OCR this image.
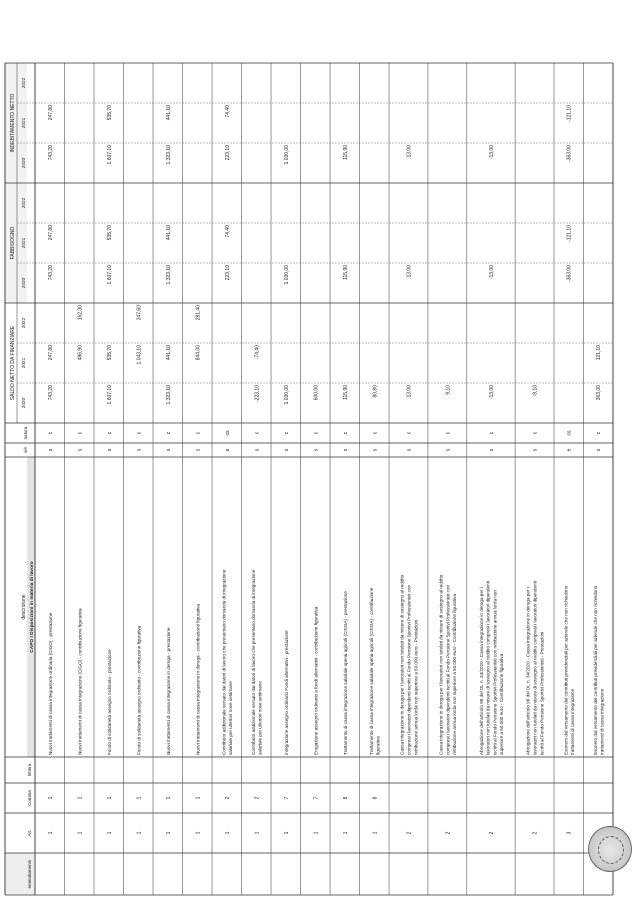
emendamento
Art.
Comma
lettera
descrizione CAPO I Disposizioni in materia di lavoro
s/e
natura
SALDO NETTO DA FINANZIARE
FABBISOGNO
INDEBITAMENTO NETTO
2020
2021
2022
2020
2021
2022
2020
2021
2022
1
1
Nuovi trattamenti di cassa integrazione ordinaria (CIGO) - prestazione
s
c
743,20
247,80
743,20
247,80
743,20
247,80
1
1
Nuovi trattamenti di cassa integrazione (CIGO) - contribuzione figurativa
s
c
486,90
162,30
1
1
Fondo di solidarietà assegno ordinario - prestazione
s
c
1.607,10
535,70
1.607,10
535,70
1.607,10
535,70
1
1
Fondo di solidarietà assegno ordinario - contribuzione figurativa
s
c
1.043,10
347,60
1
1
Nuovi trattamenti di cassa integrazione in deroga - prestazione
s
c
1.323,10
441,10
1.323,10
441,10
1.323,10
441,10
1
1
Nuovi trattamenti di cassa integrazione in deroga - contribuzione figurativa
s
c
844,00
281,40
1
2
Contributo addizionale versato dai datori di lavoro che presentano domanda di integrazione salariale per ulteriori nove settimane
e
cs
223,10
74,40
223,10
74,40
1
2
Contributo addizionale versato dai datori di lavoro che presentano domanda di integrazione salariale per ulteriori nove settimane
s
c
-223,10
-74,40
1
7
Integrazione assegno ordinario Fondi alternativi - prestazione
s
c
1.030,00
1.030,00
1.030,00
1
7
Erogazione assegno ordinario a fondi alternativi - contribuzione figurativa
s
c
600,00
1
8
Trattamento di cassa integrazione salariale operai agricoli (CISOA) - prestazione
s
c
115,90
115,90
115,90
1
8
Trattamento di cassa integrazione salariale operai agricoli (CISOA) - contribuzione figurativa
s
c
80,80
2
Cassa integrazione in deroga per i lavoratori non tutelati da misure di sostegno al reddito compresi i lavoratori dipendenti iscritti al Fondo Pensione Sportivi Professionisti con retribuzione annua lorda non superiore a 50.000 euro - Prestazioni
s
c
13,00
13,00
13,00
2
Cassa integrazione in deroga per i lavoratori non tutelati da misure di sostegno al reddito compresi i lavoratori dipendenti iscritti al Fondo Pensione Sportivi Professionisti con retribuzione annua lorda non superiore a 50.000 euro - Contribuzione figurativa
s
c
9,10
2
Abrogazione dell'articolo 98 del DL n. 34/2020 - Cassa integrazione in deroga per i lavoratori non tutelati da misure di sostegno al reddito compresi i lavoratori dipendenti iscritti al Fondo Pensione Sportivi Professionisti con retribuzione annua lorda non superiore a 50.000 euro - Contribuzione figurativa
s
c
-13,00
-13,00
-13,00
2
Abrogazione dell'articolo 98 del DL n. 34/2020 - Cassa integrazione in deroga per i lavoratori non tutelati da misure di sostegno al reddito compresi i lavoratori dipendenti iscritti al Fondo Pensione Sportivi Professionisti - Prestazioni
s
c
-9,10
3
Esonero dal versamento dei contributi previdenziali per aziende che non richiedono trattamenti di cassa integrazione
e
cs
-363,00
-121,10
-363,00
-121,10
Esonero dal versamento dei contributi previdenziali per aziende che non richiedono trattamenti di cassa integrazione
s
c
363,00
121,10
